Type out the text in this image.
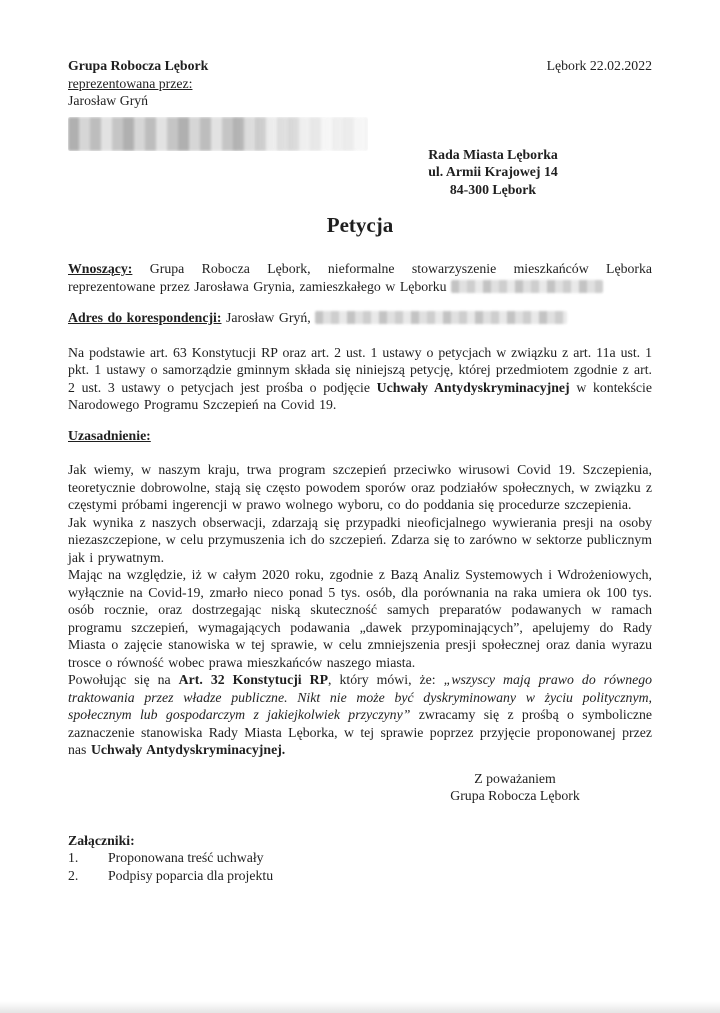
Grupa Robocza Lębork
reprezentowana przez:
Jarosław Gryń
Lębork 22.02.2022
Rada Miasta Lęborka
ul. Armii Krajowej 14
84-300 Lębork
Petycja

Wnoszący: Grupa Robocza Lębork, nieformalne stowarzyszenie mieszkańców Lęborka reprezentowane przez Jarosława Grynia, zamieszkałego w Lęborku

Adres do korespondencji: Jarosław Gryń,

Na podstawie art. 63 Konstytucji RP oraz art. 2 ust. 1 ustawy o petycjach w związku z art. 11a ust. 1 pkt. 1 ustawy o samorządzie gminnym składa się niniejszą petycję, której przedmiotem zgodnie z art. 2 ust. 3 ustawy o petycjach jest prośba o podjęcie Uchwały Antydyskryminacyjnej w kontekście Narodowego Programu Szczepień na Covid 19.

Uzasadnienie:

Jak wiemy, w naszym kraju, trwa program szczepień przeciwko wirusowi Covid 19. Szczepienia, teoretycznie dobrowolne, stają się często powodem sporów oraz podziałów społecznych, w związku z częstymi próbami ingerencji w prawo wolnego wyboru, co do poddania się procedurze szczepienia.

Jak wynika z naszych obserwacji, zdarzają się przypadki nieoficjalnego wywierania presji na osoby niezaszczepione, w celu przymuszenia ich do szczepień. Zdarza się to zarówno w sektorze publicznym jak i prywatnym.

Mając na względzie, iż w całym 2020 roku, zgodnie z Bazą Analiz Systemowych i Wdrożeniowych, wyłącznie na Covid-19, zmarło nieco ponad 5 tys. osób, dla porównania na raka umiera ok 100 tys. osób rocznie, oraz dostrzegając niską skuteczność samych preparatów podawanych w ramach programu szczepień, wymagających podawania „dawek przypominających”, apelujemy do Rady Miasta o zajęcie stanowiska w tej sprawie, w celu zmniejszenia presji społecznej oraz dania wyrazu trosce o równość wobec prawa mieszkańców naszego miasta.

Powołując się na Art. 32 Konstytucji RP, który mówi, że: „wszyscy mają prawo do równego traktowania przez władze publiczne. Nikt nie może być dyskryminowany w życiu politycznym, społecznym lub gospodarczym z jakiejkolwiek przyczyny” zwracamy się z prośbą o symboliczne zaznaczenie stanowiska Rady Miasta Lęborka, w tej sprawie poprzez przyjęcie proponowanej przez nas Uchwały Antydyskryminacyjnej.

Z poważaniem
Grupa Robocza Lębork
Załączniki:
1.	Proponowana treść uchwały
2.	Podpisy poparcia dla projektu
